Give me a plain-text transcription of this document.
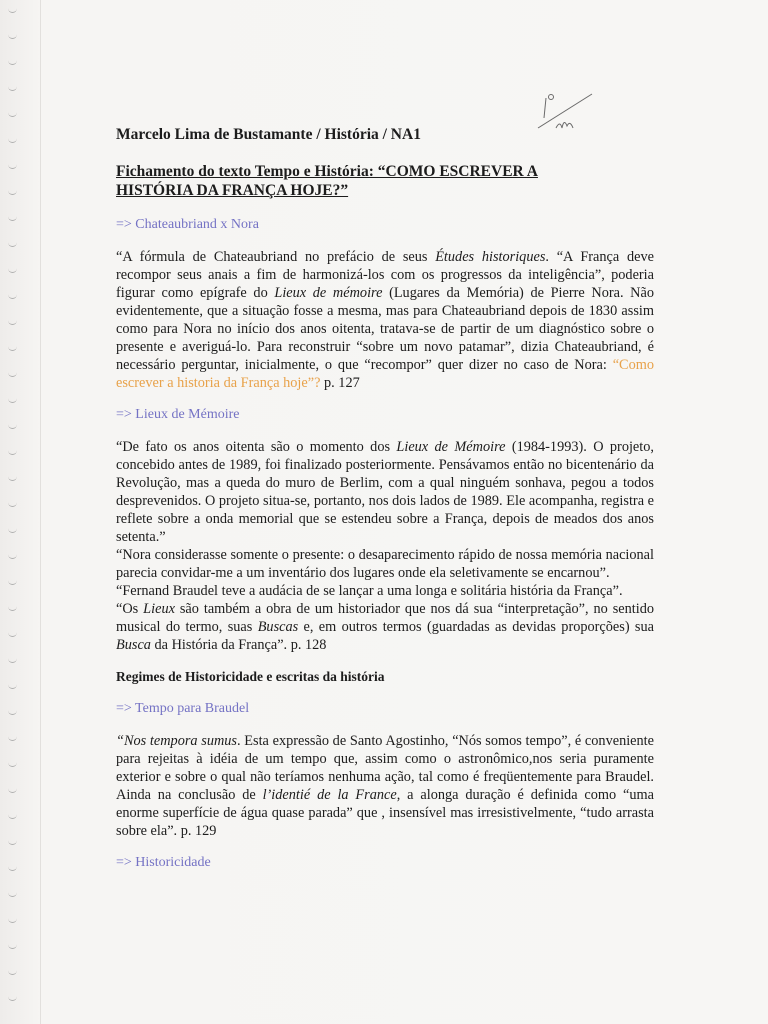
Marcelo Lima de Bustamante / História / NA1
Fichamento do texto Tempo e História: “COMO ESCREVER A
HISTÓRIA DA FRANÇA HOJE?”
=> Chateaubriand x Nora

“A fórmula de Chateaubriand no prefácio de seus Études historiques. “A França deve recompor seus anais a fim de harmonizá-los com os progressos da inteligência”, poderia figurar como epígrafe do Lieux de mémoire (Lugares da Memória) de Pierre Nora. Não evidentemente, que a situação fosse a mesma, mas para Chateaubriand depois de 1830 assim como para Nora no início dos anos oitenta, tratava-se de partir de um diagnóstico sobre o presente e averiguá-lo. Para reconstruir “sobre um novo patamar”, dizia Chateaubriand, é necessário perguntar, inicialmente, o que “recompor” quer dizer no caso de Nora: “Como escrever a historia da França hoje”? p. 127

=> Lieux de Mémoire

“De fato os anos oitenta são o momento dos Lieux de Mémoire (1984-1993). O projeto, concebido antes de 1989, foi finalizado posteriormente. Pensávamos então no bicentenário da Revolução, mas a queda do muro de Berlim, com a qual ninguém sonhava, pegou a todos desprevenidos. O projeto situa-se, portanto, nos dois lados de 1989. Ele acompanha, registra e reflete sobre a onda memorial que se estendeu sobre a França, depois de meados dos anos setenta.”

“Nora considerasse somente o presente: o desaparecimento rápido de nossa memória nacional parecia convidar-me a um inventário dos lugares onde ela seletivamente se encarnou”.

“Fernand Braudel teve a audácia de se lançar a uma longa e solitária história da França”.

“Os Lieux são também a obra de um historiador que nos dá sua “interpretação”, no sentido musical do termo, suas Buscas e, em outros termos (guardadas as devidas proporções) sua Busca da História da França”. p. 128

Regimes de Historicidade e escritas da história
=> Tempo para Braudel

“Nos tempora sumus. Esta expressão de Santo Agostinho, “Nós somos tempo”, é conveniente para rejeitas à idéia de um tempo que, assim como o astronômico,nos seria puramente exterior e sobre o qual não teríamos nenhuma ação, tal como é freqüentemente para Braudel. Ainda na conclusão de l’identié de la France, a alonga duração é definida como “uma enorme superfície de água quase parada” que , insensível mas irresistivelmente, “tudo arrasta sobre ela”. p. 129

=> Historicidade
